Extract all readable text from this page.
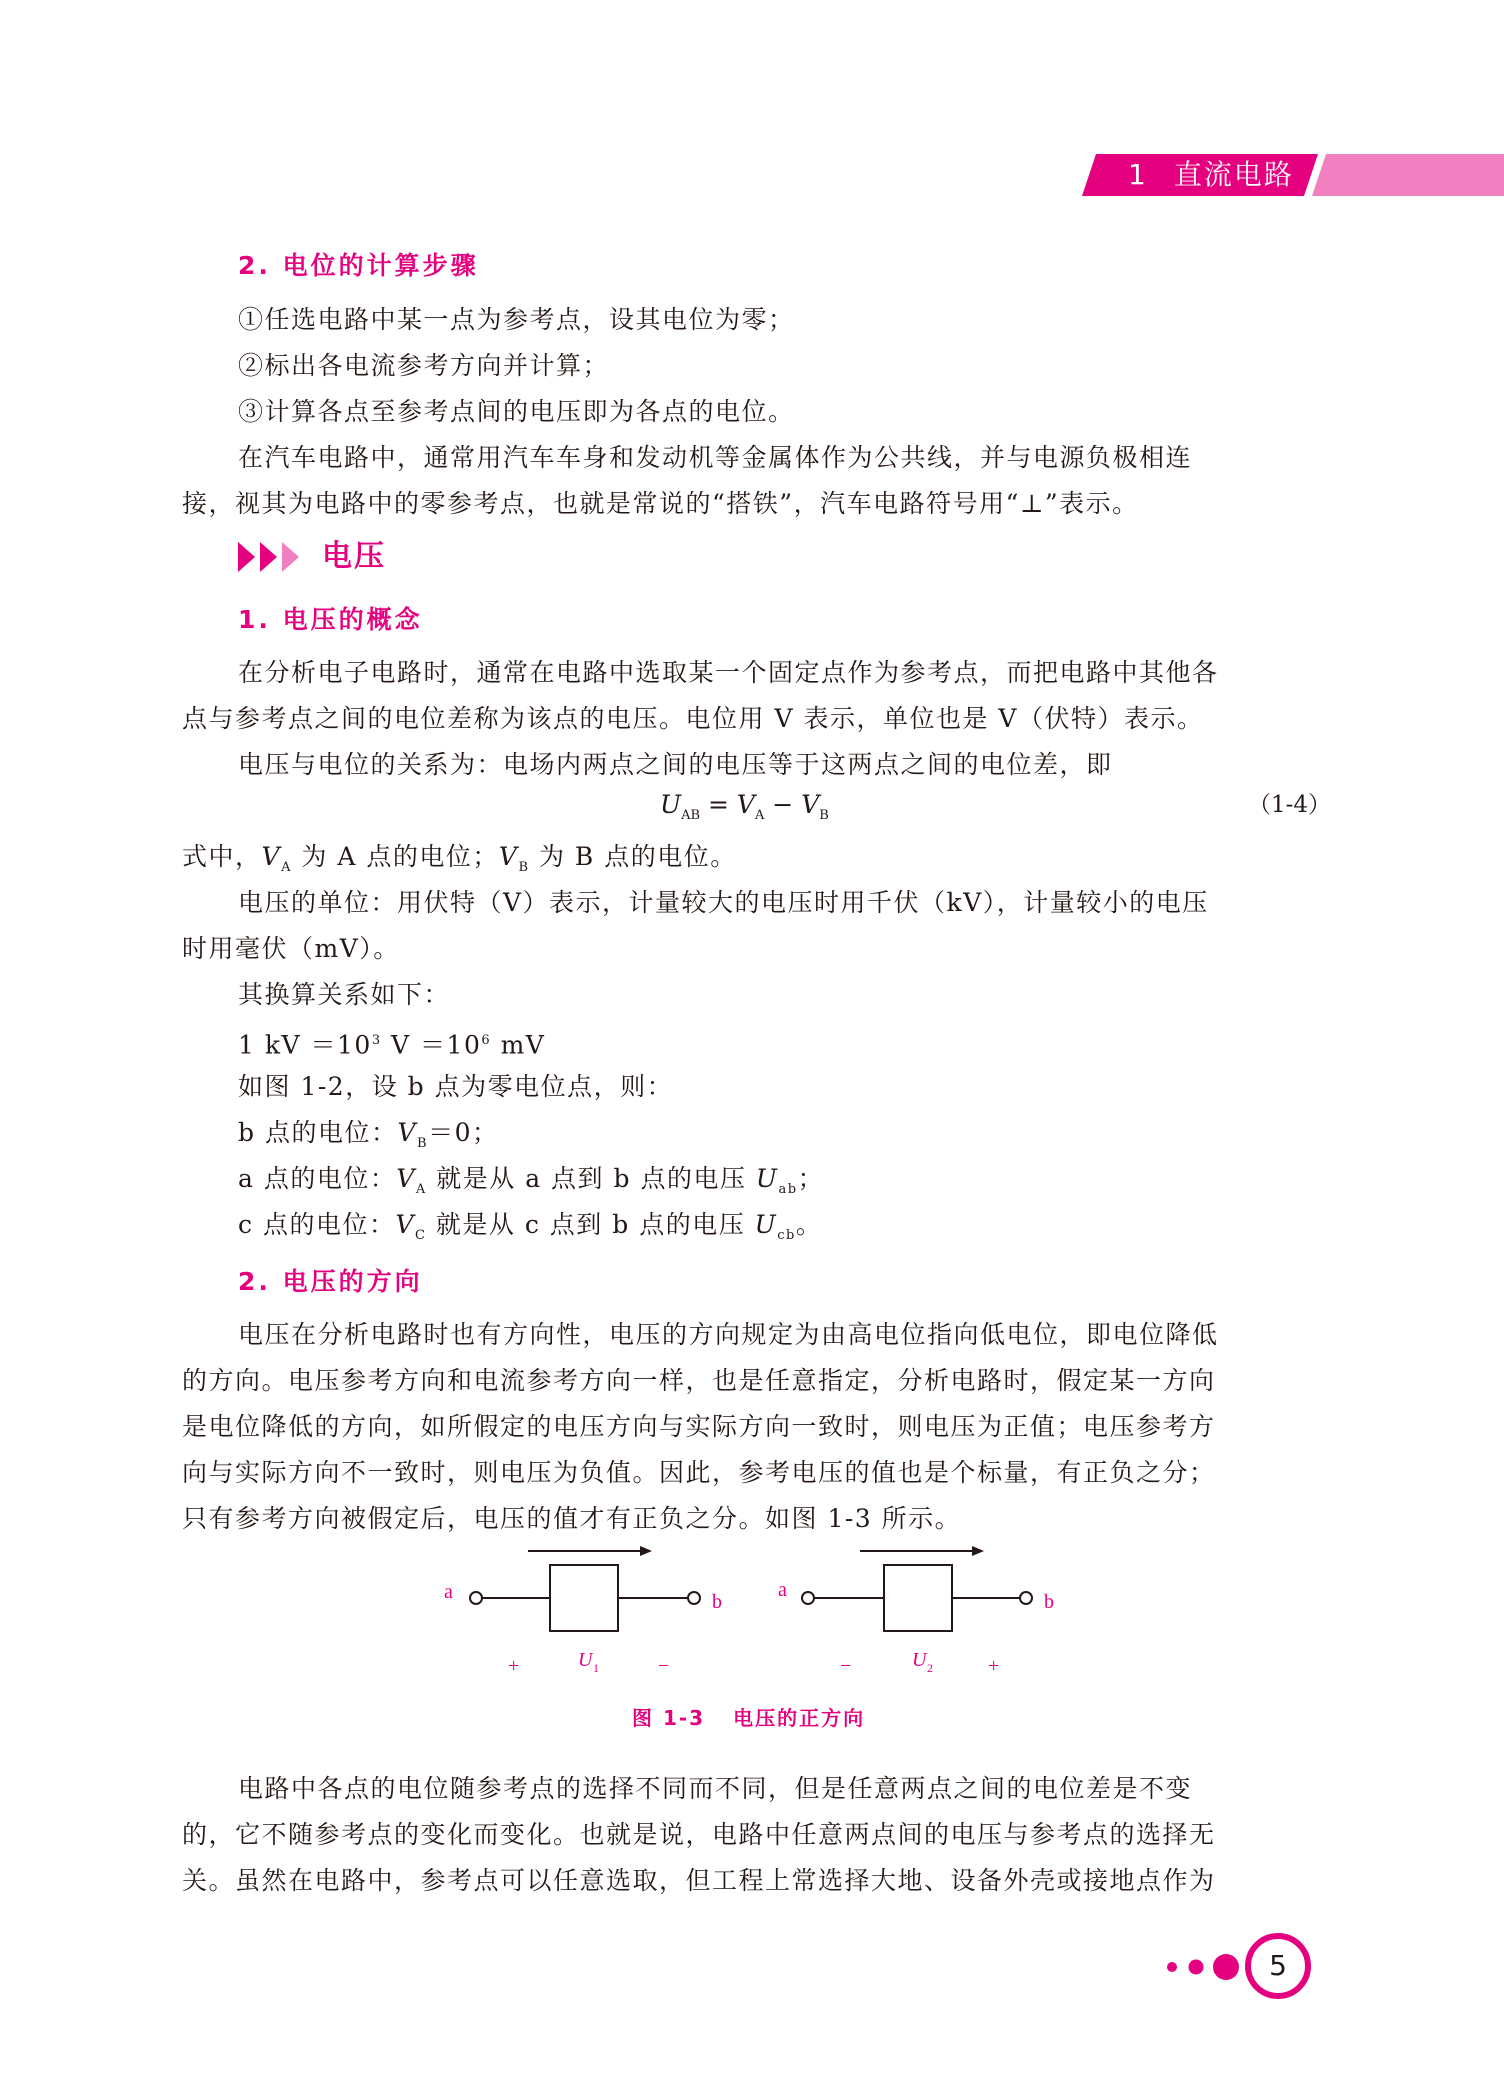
1 直流电路
2. 电位的计算步骤
①任选电路中某一点为参考点，设其电位为零；
②标出各电流参考方向并计算；
③计算各点至参考点间的电压即为各点的电位。
在汽车电路中，通常用汽车车身和发动机等金属体作为公共线，并与电源负极相连
接，视其为电路中的零参考点，也就是常说的“搭铁”，汽车电路符号用“⊥”表示。
电压
1. 电压的概念
在分析电子电路时，通常在电路中选取某一个固定点作为参考点，而把电路中其他各
点与参考点之间的电位差称为该点的电压。电位用 V 表示，单位也是 V（伏特）表示。
电压与电位的关系为：电场内两点之间的电压等于这两点之间的电位差，即
$U_{AB} = V_A - V_B$	（1-4）
式中，$V_A$ 为 A 点的电位；$V_B$ 为 B 点的电位。
电压的单位：用伏特（V）表示，计量较大的电压时用千伏（kV），计量较小的电压
时用毫伏（mV）。
其换算关系如下：
1 kV $=10^3$ $V =10^6$ mV
如图 1-2，设 b 点为零电位点，则：
b 点的电位：$V_B=0$；
a 点的电位：$V_A$ 就是从 a 点到 b 点的电压 $U_{ab}$；
c 点的电位：$V_C$ 就是从 c 点到 b 点的电压 $U_{cb}$。
2. 电压的方向
电压在分析电路时也有方向性，电压的方向规定为由高电位指向低电位，即电位降低
的方向。电压参考方向和电流参考方向一样，也是任意指定，分析电路时，假定某一方向
是电位降低的方向，如所假定的电压方向与实际方向一致时，则电压为正值；电压参考方
向与实际方向不一致时，则电压为负值。因此，参考电压的值也是个标量，有正负之分；
只有参考方向被假定后，电压的值才有正负之分。如图 1-3 所示。
a	b
+	U 1	−
a
b
−	U 2	+
图 1-3 电压的正方向
电路中各点的电位随参考点的选择不同而不同，但是任意两点之间的电位差是不变
的，它不随参考点的变化而变化。也就是说，电路中任意两点间的电压与参考点的选择无
关。虽然在电路中，参考点可以任意选取，但工程上常选择大地、设备外壳或接地点作为
5
